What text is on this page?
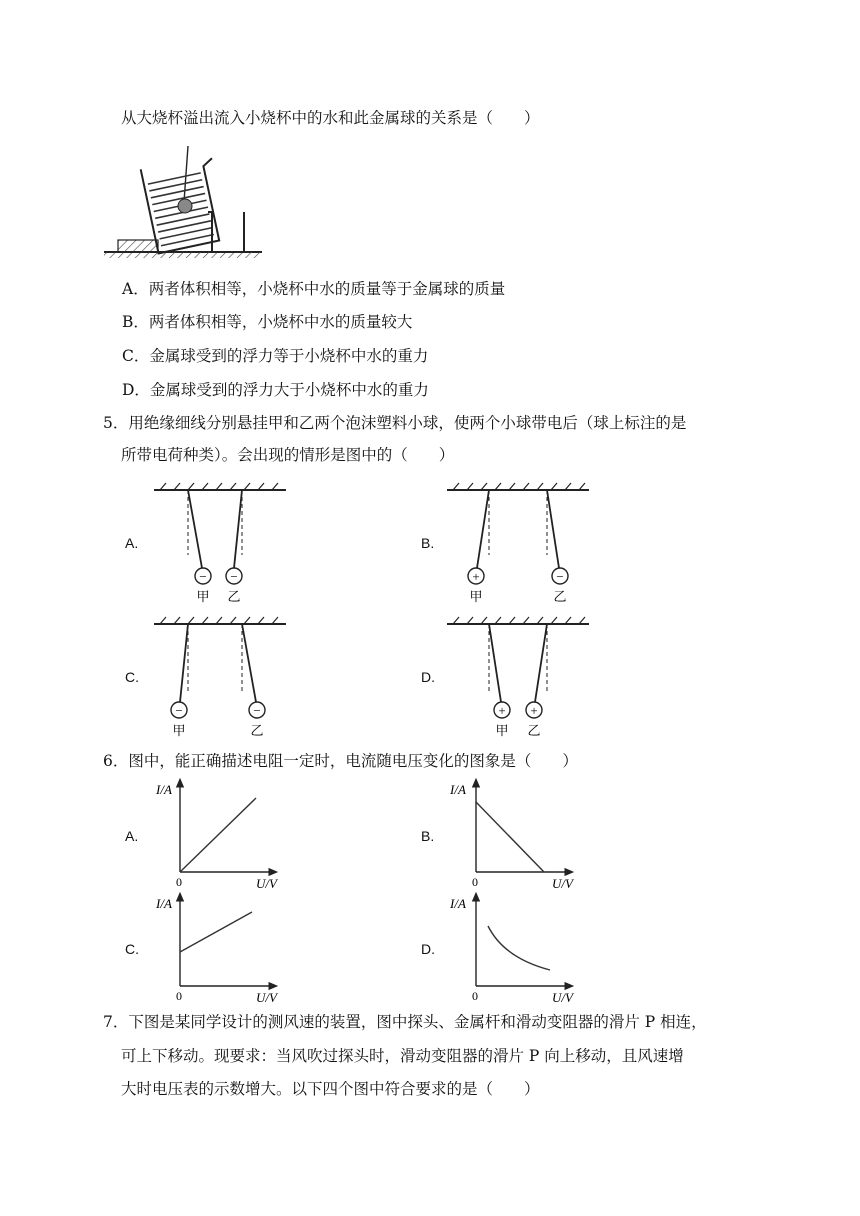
从大烧杯溢出流入小烧杯中的水和此金属球的关系是（　　）
A．两者体积相等，小烧杯中水的质量等于金属球的质量
B．两者体积相等，小烧杯中水的质量较大
C．金属球受到的浮力等于小烧杯中水的重力
D．金属球受到的浮力大于小烧杯中水的重力
5．用绝缘细线分别悬挂甲和乙两个泡沫塑料小球，使两个小球带电后（球上标注的是
所带电荷种类）。会出现的情形是图中的（　　）
A.	B.
C.	D.
− −
甲 乙
+	−
甲	乙
−	−
甲	乙
+ +
甲 乙
6．图中，能正确描述电阻一定时，电流随电压变化的图象是（　　）
A.	B.
C.	D.
I/A
0	U/V
I/A
0	U/V
I/A
0	U/V
I/A
0	U/V
7．下图是某同学设计的测风速的装置，图中探头、金属杆和滑动变阻器的滑片 P 相连，
可上下移动。现要求：当风吹过探头时，滑动变阻器的滑片 P 向上移动，且风速增
大时电压表的示数增大。以下四个图中符合要求的是（　　）
